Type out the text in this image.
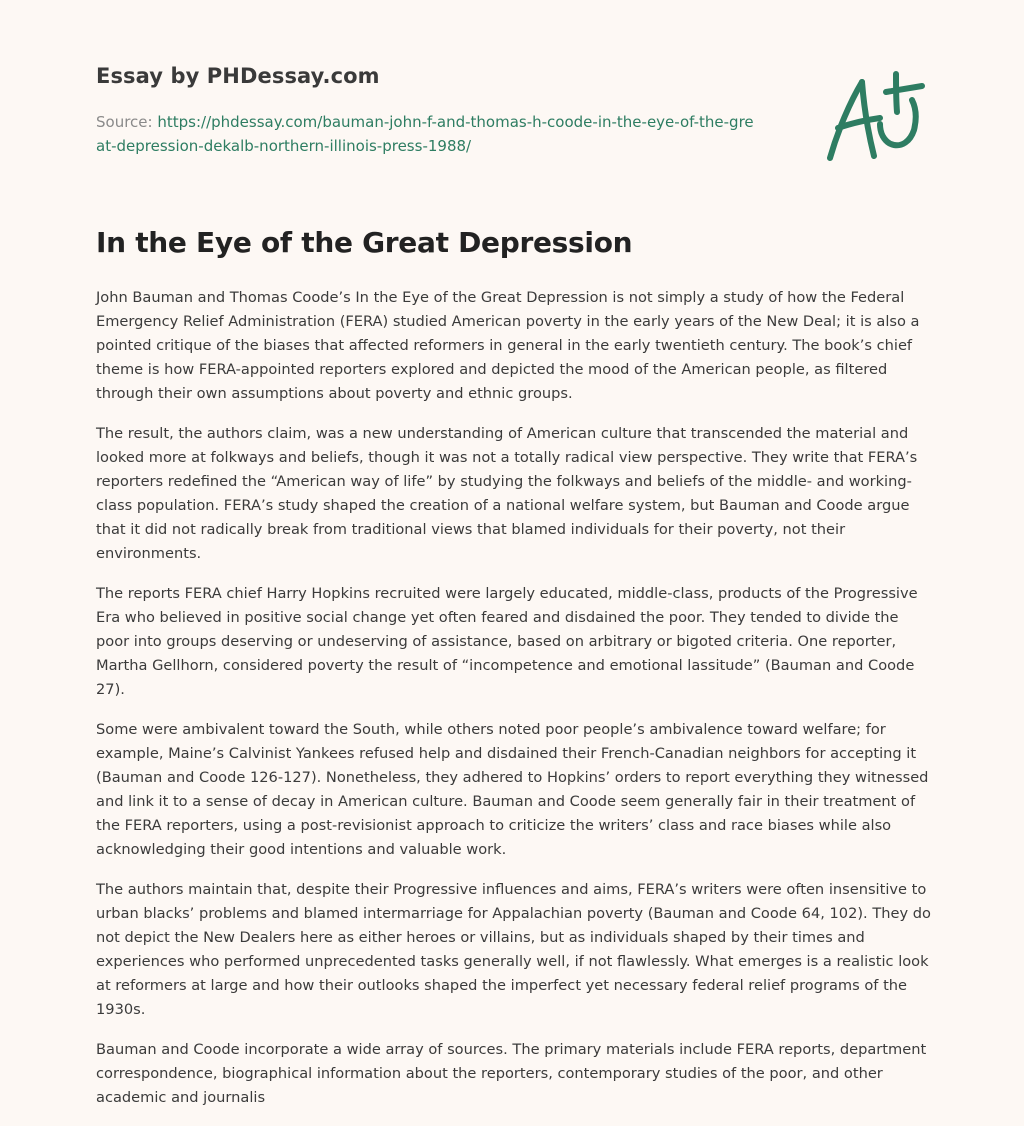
Essay by PHDessay.com
Source: https://phdessay.com/bauman-john-f-and-thomas-h-coode-in-the-eye-of-the-great-depression-dekalb-northern-illinois-press-1988/
In the Eye of the Great Depression

John Bauman and Thomas Coode’s In the Eye of the Great Depression is not simply a study of how the Federal Emergency Relief Administration (FERA) studied American poverty in the early years of the New Deal; it is also a pointed critique of the biases that affected reformers in general in the early twentieth century. The book’s chief theme is how FERA-appointed reporters explored and depicted the mood of the American people, as filtered through their own assumptions about poverty and ethnic groups.

The result, the authors claim, was a new understanding of American culture that transcended the material and looked more at folkways and beliefs, though it was not a totally radical view perspective. They write that FERA’s reporters redefined the “American way of life” by studying the folkways and beliefs of the middle- and working-class population. FERA’s study shaped the creation of a national welfare system, but Bauman and Coode argue that it did not radically break from traditional views that blamed individuals for their poverty, not their environments.

The reports FERA chief Harry Hopkins recruited were largely educated, middle-class, products of the Progressive Era who believed in positive social change yet often feared and disdained the poor. They tended to divide the poor into groups deserving or undeserving of assistance, based on arbitrary or bigoted criteria. One reporter, Martha Gellhorn, considered poverty the result of “incompetence and emotional lassitude” (Bauman and Coode 27).

Some were ambivalent toward the South, while others noted poor people’s ambivalence toward welfare; for example, Maine’s Calvinist Yankees refused help and disdained their French-Canadian neighbors for accepting it (Bauman and Coode 126-127). Nonetheless, they adhered to Hopkins’ orders to report everything they witnessed and link it to a sense of decay in American culture. Bauman and Coode seem generally fair in their treatment of the FERA reporters, using a post-revisionist approach to criticize the writers’ class and race biases while also acknowledging their good intentions and valuable work.

The authors maintain that, despite their Progressive influences and aims, FERA’s writers were often insensitive to urban blacks’ problems and blamed intermarriage for Appalachian poverty (Bauman and Coode 64, 102). They do not depict the New Dealers here as either heroes or villains, but as individuals shaped by their times and experiences who performed unprecedented tasks generally well, if not flawlessly. What emerges is a realistic look at reformers at large and how their outlooks shaped the imperfect yet necessary federal relief programs of the 1930s.

Bauman and Coode incorporate a wide array of sources. The primary materials include FERA reports, department correspondence, biographical information about the reporters, contemporary studies of the poor, and other academic and journalis
